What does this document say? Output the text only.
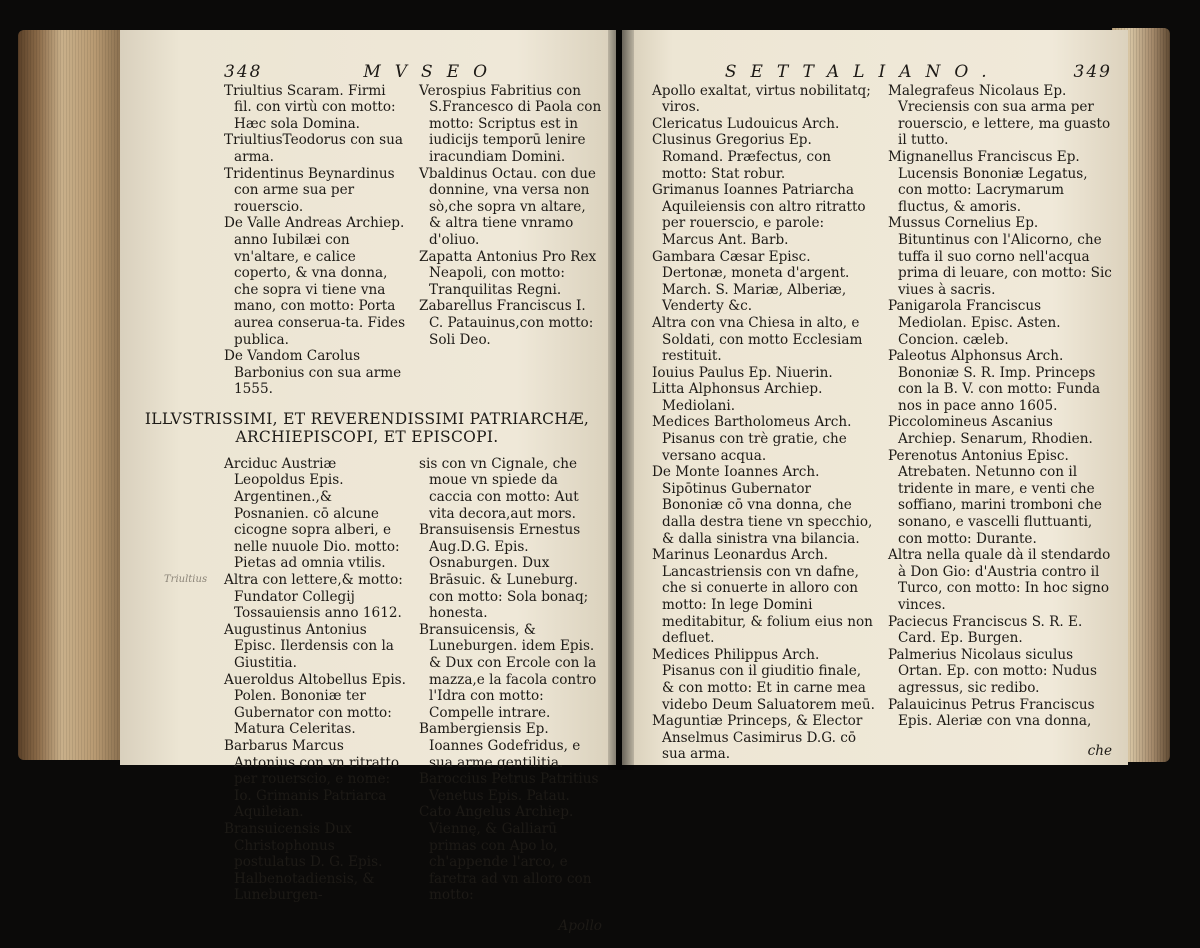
348	MVSEO

Triultius Scaram. Firmi fil. con virtù con motto: Hæc sola Domina.

TriultiusTeodorus con sua arma.

Tridentinus Beynardinus con arme sua per rouerscio.

De Valle Andreas Archiep. anno Iubilæi con vn'altare, e calice coperto, & vna donna, che sopra vi tiene vna mano, con motto: Porta aurea conserua-ta. Fides publica.

De Vandom Carolus Barbonius con sua arme 1555.

Verospius Fabritius con S.Francesco di Paola con motto: Scriptus est in iudicijs temporū lenire iracundiam Domini.

Vbaldinus Octau. con due donnine, vna versa non sò,che sopra vn altare, & altra tiene vnramo d'oliuo.

Zapatta Antonius Pro Rex Neapoli, con motto: Tranquilitas Regni.

Zabarellus Franciscus I. C. Patauinus,con motto: Soli Deo.

ILLVSTRISSIMI, ET REVERENDISSIMI PATRIARCHÆ, ARCHIEPISCOPI, ET EPISCOPI.

Arciduc Austriæ Leopoldus Epis. Argentinen.,& Posnanien. cō alcune cicogne sopra alberi, e nelle nuuole Dio. motto: Pietas ad omnia vtilis.

Altra con lettere,& motto: Fundator Collegij Tossauiensis anno 1612.

Augustinus Antonius Episc. Ilerdensis con la Giustitia.

Aueroldus Altobellus Epis. Polen. Bononiæ ter Gubernator con motto: Matura Celeritas.

Barbarus Marcus Antonius con vn ritratto per rouerscio, e nome: Io. Grimanis Patriarca Aquileian.

Bransuicensis Dux Christophonus postulatus D. G. Epis. Halbenotadiensis, & Luneburgen-

sis con vn Cignale, che moue vn spiede da caccia con motto: Aut vita decora,aut mors.

Bransuisensis Ernestus Aug.D.G. Epis. Osnaburgen. Dux Brāsuic. & Luneburg. con motto: Sola bonaq; honesta.

Bransuicensis, & Luneburgen. idem Epis. & Dux con Ercole con la mazza,e la facola contro l'Idra con motto: Compelle intrare.

Bambergiensis Ep. Ioannes Godefridus, e sua arme gentilitia.

Baroccius Petrus Patritius Venetus Epis. Patau.

Cato Angelus Archiep. Viennę, & Galliarū primas con Apo lo, ch'appende l'arco, e faretra ad vn alloro con motto:

Apollo

Triultius
SETTALIANO.	349

Apollo exaltat, virtus nobilitatq; viros.

Clericatus Ludouicus Arch.

Clusinus Gregorius Ep. Romand. Præfectus, con motto: Stat robur.

Grimanus Ioannes Patriarcha Aquileiensis con altro ritratto per rouerscio, e parole: Marcus Ant. Barb.

Gambara Cæsar Episc. Dertonæ, moneta d'argent. March. S. Mariæ, Alberiæ, Venderty &c.

Altra con vna Chiesa in alto, e Soldati, con motto Ecclesiam restituit.

Iouius Paulus Ep. Niuerin.

Litta Alphonsus Archiep. Mediolani.

Medices Bartholomeus Arch. Pisanus con trè gratie, che versano acqua.

De Monte Ioannes Arch. Sipōtinus Gubernator Bononiæ cō vna donna, che dalla destra tiene vn specchio, & dalla sinistra vna bilancia.

Marinus Leonardus Arch. Lancastriensis con vn dafne, che si conuerte in alloro con motto: In lege Domini meditabitur, & folium eius non defluet.

Medices Philippus Arch. Pisanus con il giuditio finale, & con motto: Et in carne mea videbo Deum Saluatorem meū.

Maguntiæ Princeps, & Elector Anselmus Casimirus D.G. cō sua arma.

Malegrafeus Nicolaus Ep. Vreciensis con sua arma per rouerscio, e lettere, ma guasto il tutto.

Mignanellus Franciscus Ep. Lucensis Bononiæ Legatus, con motto: Lacrymarum fluctus, & amoris.

Mussus Cornelius Ep. Bituntinus con l'Alicorno, che tuffa il suo corno nell'acqua prima di leuare, con motto: Sic viues à sacris.

Panigarola Franciscus Mediolan. Episc. Asten. Concion. cæleb.

Paleotus Alphonsus Arch. Bononiæ S. R. Imp. Princeps con la B. V. con motto: Funda nos in pace anno 1605.

Piccolomineus Ascanius Archiep. Senarum, Rhodien.

Perenotus Antonius Episc. Atrebaten. Netunno con il tridente in mare, e venti che soffiano, marini tromboni che sonano, e vascelli fluttuanti, con motto: Durante.

Altra nella quale dà il stendardo à Don Gio: d'Austria contro il Turco, con motto: In hoc signo vinces.

Paciecus Franciscus S. R. E. Card. Ep. Burgen.

Palmerius Nicolaus siculus Ortan. Ep. con motto: Nudus agressus, sic redibo.

Palauicinus Petrus Franciscus Epis. Aleriæ con vna donna,

che
